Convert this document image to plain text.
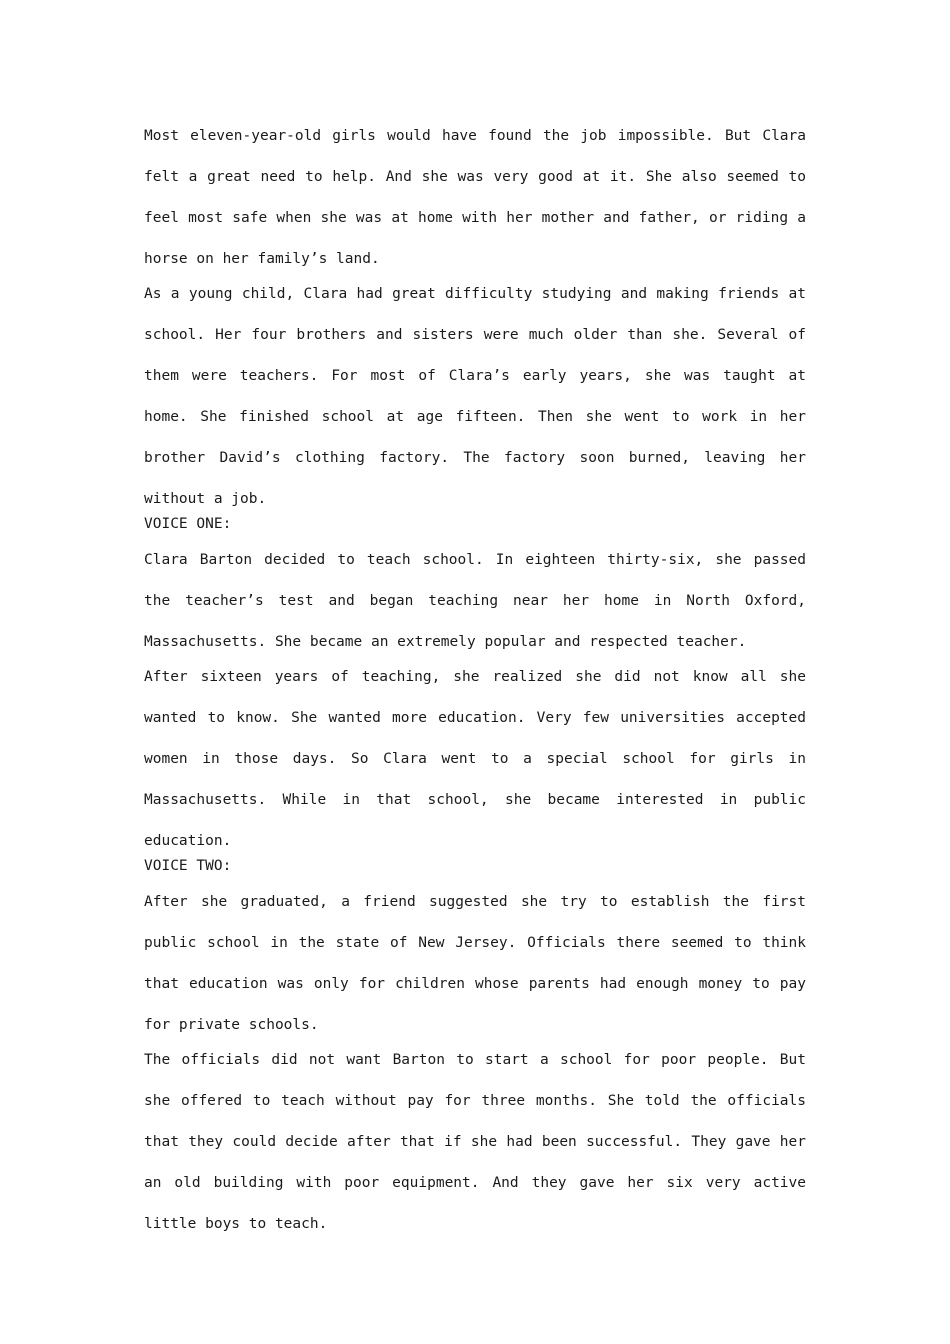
Most eleven-year-old girls would have found the job impossible. But Clara felt a great need to help. And she was very good at it. She also seemed to feel most safe when she was at home with her mother and father, or riding a horse on her family’s land.

As a young child, Clara had great difficulty studying and making friends at school. Her four brothers and sisters were much older than she. Several of them were teachers. For most of Clara’s early years, she was taught at home. She finished school at age fifteen. Then she went to work in her brother David’s clothing factory. The factory soon burned, leaving her without a job.

VOICE ONE:

Clara Barton decided to teach school. In eighteen thirty-six, she passed the teacher’s test and began teaching near her home in North Oxford, Massachusetts. She became an extremely popular and respected teacher.

After sixteen years of teaching, she realized she did not know all she wanted to know. She wanted more education. Very few universities accepted women in those days. So Clara went to a special school for girls in Massachusetts. While in that school, she became interested in public education.

VOICE TWO:

After she graduated, a friend suggested she try to establish the first public school in the state of New Jersey. Officials there seemed to think that education was only for children whose parents had enough money to pay for private schools.

The officials did not want Barton to start a school for poor people. But she offered to teach without pay for three months. She told the officials that they could decide after that if she had been successful. They gave her an old building with poor equipment. And they gave her six very active little boys to teach.
